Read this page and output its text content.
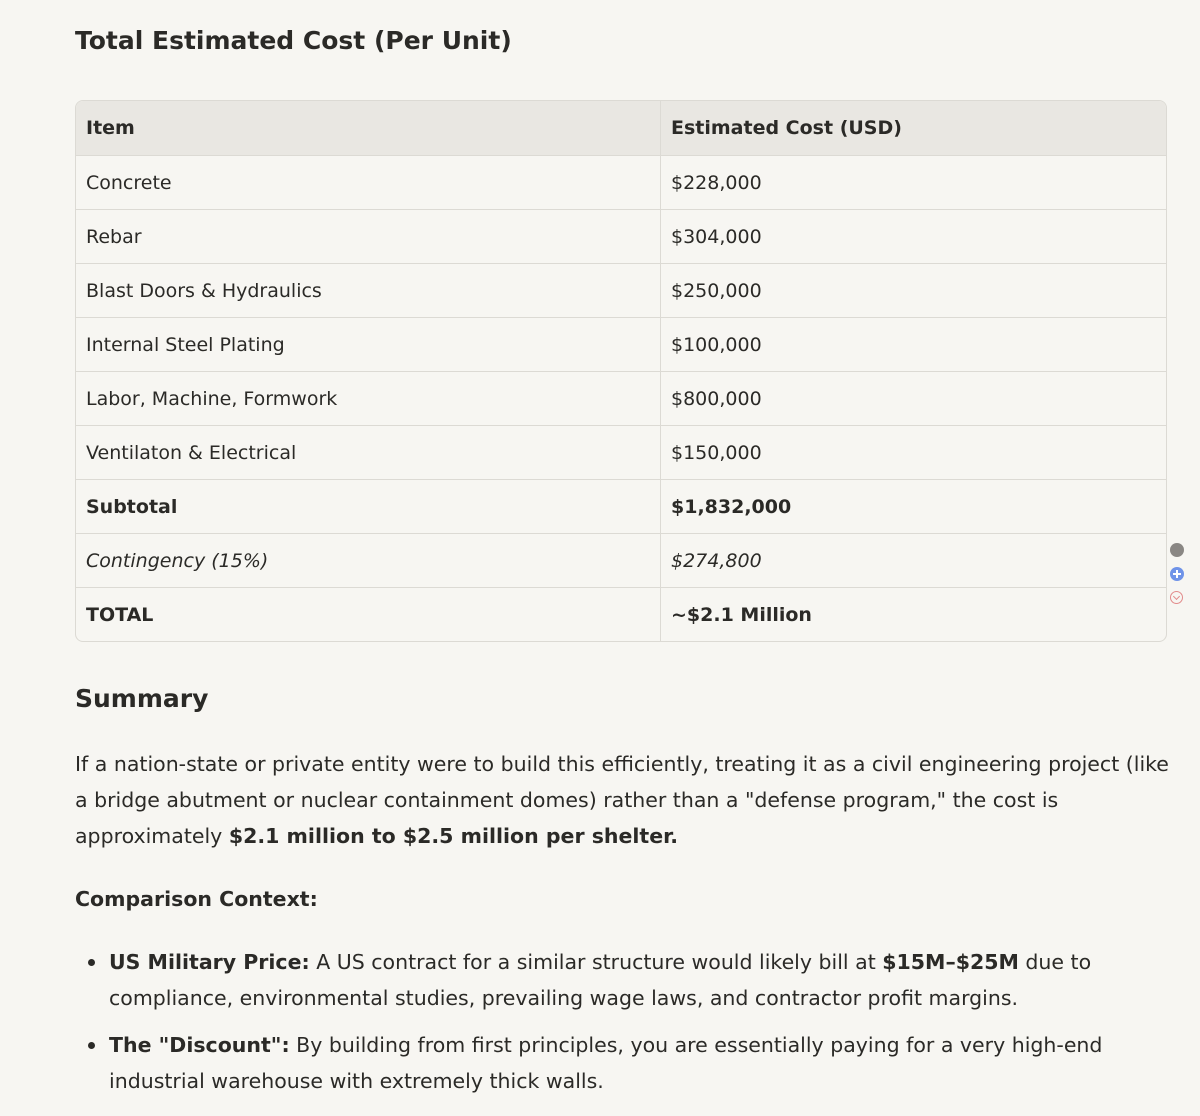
Total Estimated Cost (Per Unit)
Item	Estimated Cost (USD)
Concrete	$228,000
Rebar	$304,000
Blast Doors & Hydraulics	$250,000
Internal Steel Plating	$100,000
Labor, Machine, Formwork	$800,000
Ventilaton & Electrical	$150,000
Subtotal	$1,832,000
Contingency (15%)	$274,800
TOTAL	~$2.1 Million
Summary

If a nation-state or private entity were to build this efficiently, treating it as a civil engineering project (like a bridge abutment or nuclear containment domes) rather than a "defense program," the cost is approximately $2.1 million to $2.5 million per shelter.

Comparison Context:
US Military Price: A US contract for a similar structure would likely bill at $15M–$25M due to compliance, environmental studies, prevailing wage laws, and contractor profit margins.
The "Discount": By building from first principles, you are essentially paying for a very high-end industrial warehouse with extremely thick walls.
